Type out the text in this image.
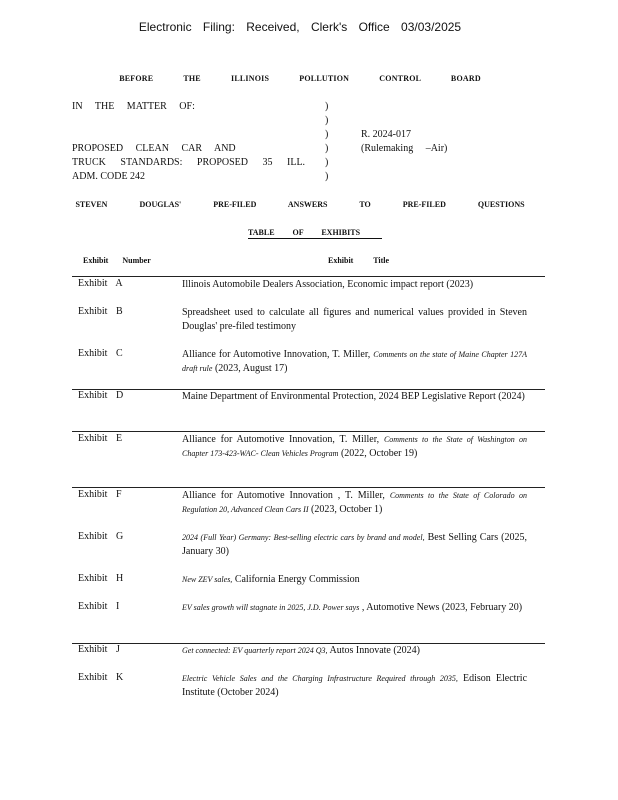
Electronic Filing: Received, Clerk's Office 03/03/2025
BEFORE THE ILLINOIS POLLUTION CONTROL BOARD
IN THE MATTER OF:

PROPOSED CLEAN CAR AND
TRUCK STANDARDS: PROPOSED 35 ILL.
ADM. CODE 242
)
)
)
)
)
)
R. 2024-017
(Rulemaking –Air)
STEVEN DOUGLAS' PRE-FILED ANSWERS TO PRE-FILED QUESTIONS
TABLE OF EXHIBITS
Exhibit Number	Exhibit Title
Exhibit A	Illinois Automobile Dealers Association, Economic impact report (2023)
Exhibit B	Spreadsheet used to calculate all figures and numerical values provided in Steven Douglas' pre-filed testimony
Exhibit C	Alliance for Automotive Innovation, T. Miller, Comments on the state of Maine Chapter 127A draft rule (2023, August 17)
Exhibit D	Maine Department of Environmental Protection, 2024 BEP Legislative Report (2024)
Exhibit E	Alliance for Automotive Innovation, T. Miller, Comments to the State of Washington on Chapter 173-423-WAC- Clean Vehicles Program (2022, October 19)
Exhibit F	Alliance for Automotive Innovation , T. Miller, Comments to the State of Colorado on Regulation 20, Advanced Clean Cars II (2023, October 1)
Exhibit G	2024 (Full Year) Germany: Best-selling electric cars by brand and model, Best Selling Cars (2025, January 30)
Exhibit H	New ZEV sales, California Energy Commission
Exhibit I	EV sales growth will stagnate in 2025, J.D. Power says , Automotive News (2023, February 20)
Exhibit J	Get connected: EV quarterly report 2024 Q3, Autos Innovate (2024)
Exhibit K	Electric Vehicle Sales and the Charging Infrastructure Required through 2035, Edison Electric Institute (October 2024)
